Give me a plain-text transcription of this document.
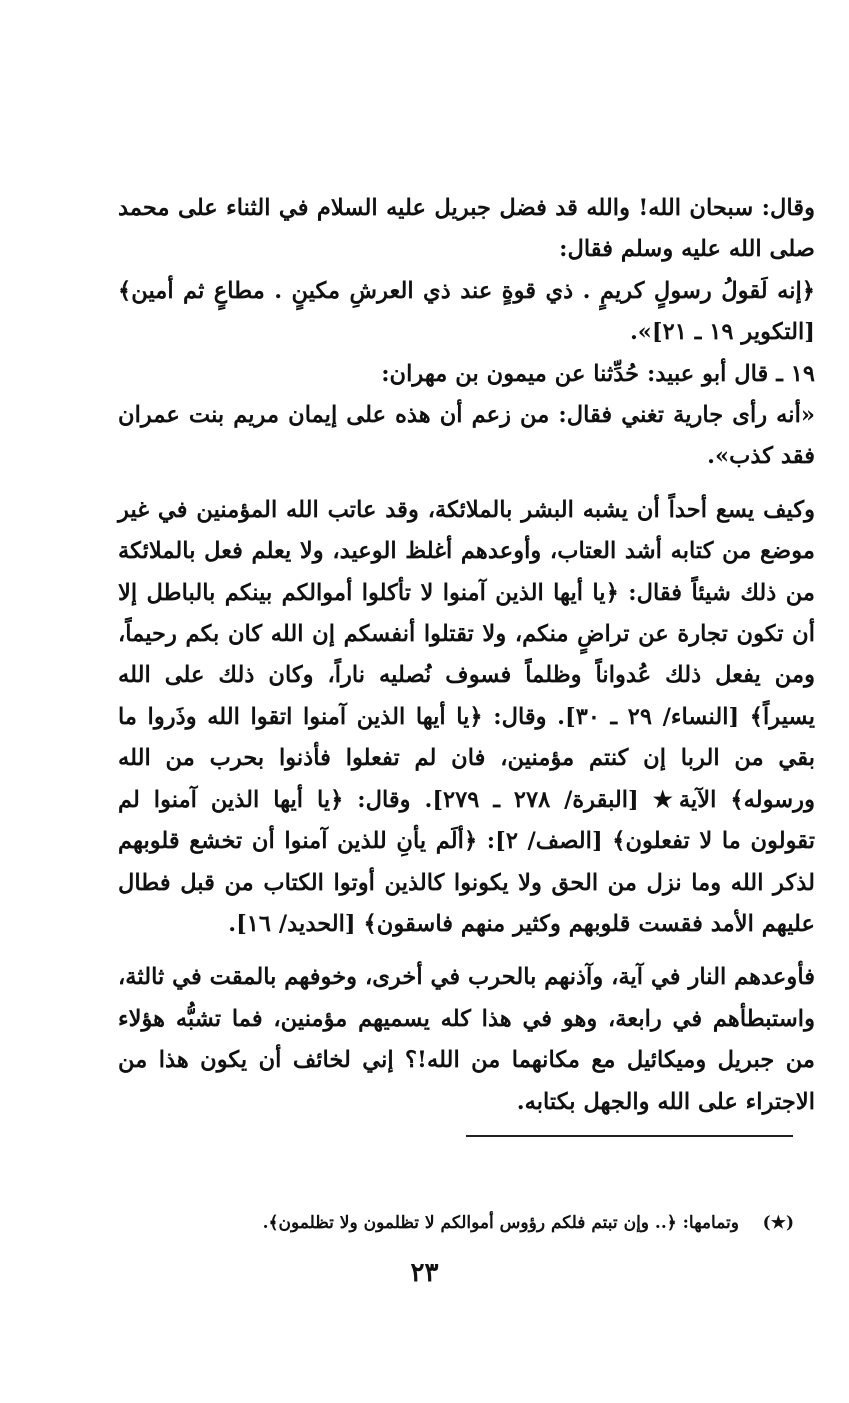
وقال: سبحان الله! والله قد فضل جبريل عليه السلام في الثناء على محمد صلى الله عليه وسلم فقال:

﴿إنه لَقولُ رسولٍ كريمٍ . ذي قوةٍ عند ذي العرشِ مكينٍ . مطاعٍ ثم أمين﴾ [التكوير ١٩ ـ ٢١]».

١٩ ـ قال أبو عبيد: حُدِّثنا عن ميمون بن مهران:

«أنه رأى جارية تغني فقال: من زعم أن هذه على إيمان مريم بنت عمران فقد كذب».

وكيف يسع أحداً أن يشبه البشر بالملائكة، وقد عاتب الله المؤمنين في غير موضع من كتابه أشد العتاب، وأوعدهم أغلظ الوعيد، ولا يعلم فعل بالملائكة من ذلك شيئاً فقال: ﴿يا أيها الذين آمنوا لا تأكلوا أموالكم بينكم بالباطل إلا أن تكون تجارة عن تراضٍ منكم، ولا تقتلوا أنفسكم إن الله كان بكم رحيماً، ومن يفعل ذلك عُدواناً وظلماً فسوف نُصليه ناراً، وكان ذلك على الله يسيراً﴾ [النساء/ ٢٩ ـ ٣٠]. وقال: ﴿يا أيها الذين آمنوا اتقوا الله وذَروا ما بقي من الربا إن كنتم مؤمنين، فان لم تفعلوا فأذنوا بحرب من الله ورسوله﴾ الآية★ [البقرة/ ٢٧٨ ـ ٢٧٩]. وقال: ﴿يا أيها الذين آمنوا لم تقولون ما لا تفعلون﴾ [الصف/ ٢]: ﴿ألَم يأنِ للذين آمنوا أن تخشع قلوبهم لذكر الله وما نزل من الحق ولا يكونوا كالذين أوتوا الكتاب من قبل فطال عليهم الأمد فقست قلوبهم وكثير منهم فاسقون﴾ [الحديد/ ١٦].

فأوعدهم النار في آية، وآذنهم بالحرب في أخرى، وخوفهم بالمقت في ثالثة، واستبطأهم في رابعة، وهو في هذا كله يسميهم مؤمنين، فما تشبُّه هؤلاء من جبريل وميكائيل مع مكانهما من الله!؟ إني لخائف أن يكون هذا من الاجتراء على الله والجهل بكتابه.

(★)    وتمامها: ﴿.. وإن تبتم فلكم رؤوس أموالكم لا تظلمون ولا تظلمون﴾.
٢٣
